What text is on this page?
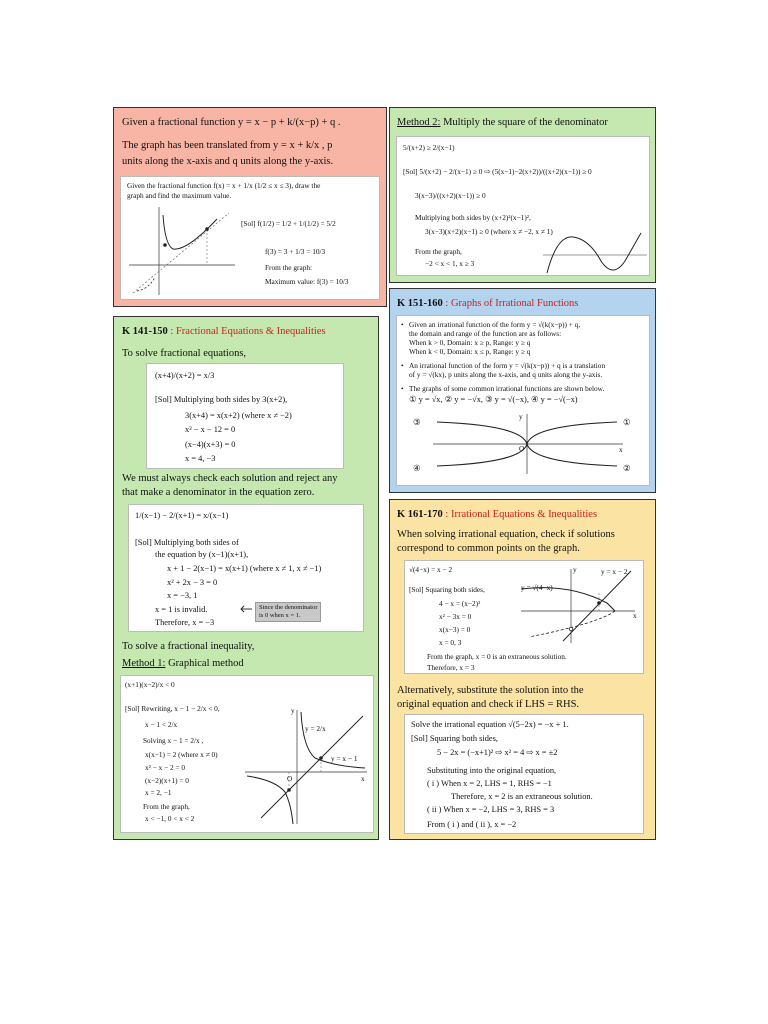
Given a fractional function y = x − p + k/(x−p) + q .
The graph has been translated from y = x + k/x , p
units along the x-axis and q units along the y-axis.
Given the fractional function f(x) = x + 1/x (1/2 ≤ x ≤ 3), draw the
graph and find the maximum value.
[Sol] f(1/2) = 1/2 + 1/(1/2) = 5/2
f(3) = 3 + 1/3 = 10/3
From the graph:
Maximum value: f(3) = 10/3
Method 2: Multiply the square of the denominator
5/(x+2) ≥ 2/(x−1)
[Sol] 5/(x+2) − 2/(x−1) ≥ 0 ⇨ (5(x−1)−2(x+2))/((x+2)(x−1)) ≥ 0
3(x−3)/((x+2)(x−1)) ≥ 0
Multiplying both sides by (x+2)²(x−1)²,
3(x−3)(x+2)(x−1) ≥ 0 (where x ≠ −2, x ≠ 1)
From the graph,
−2 < x < 1, x ≥ 3
K 151-160 : Graphs of Irrational Functions
• Given an irrational function of the form y = √(k(x−p)) + q,
the domain and range of the function are as follows:
When k > 0, Domain: x ≥ p, Range: y ≥ q
When k < 0, Domain: x ≤ p, Range: y ≥ q
• An irrational function of the form y = √(k(x−p)) + q is a translation
of y = √(kx), p units along the x-axis, and q units along the y-axis.
• The graphs of some common irrational functions are shown below.
① y = √x, ② y = −√x, ③ y = √(−x), ④ y = −√(−x)
③	①
④	②
y
x
O
K 141-150 : Fractional Equations & Inequalities
To solve fractional equations,
(x+4)/(x+2) = x/3
[Sol] Multiplying both sides by 3(x+2),
3(x+4) = x(x+2) (where x ≠ −2)
x² − x − 12 = 0
(x−4)(x+3) = 0
x = 4, −3
We must always check each solution and reject any
that make a denominator in the equation zero.
1/(x−1) − 2/(x+1) = x/(x−1)
[Sol] Multiplying both sides of
the equation by (x−1)(x+1),
x + 1 − 2(x−1) = x(x+1) (where x ≠ 1, x ≠ −1)
x² + 2x − 3 = 0
x = −3, 1
x = 1 is invalid.
Therefore, x = −3
Since the denominator
is 0 when x = 1.
To solve a fractional inequality,
Method 1: Graphical method
(x+1)(x−2)/x < 0
[Sol] Rewriting, x − 1 − 2/x < 0,
x − 1 < 2/x
Solving x − 1 = 2/x ,
x(x−1) = 2 (where x ≠ 0)
x² − x − 2 = 0
(x−2)(x+1) = 0
x = 2, −1
From the graph,
x < −1, 0 < x < 2
y
x
y = 2/x
y = x − 1
O
K 161-170 : Irrational Equations & Inequalities
When solving irrational equation, check if solutions
correspond to common points on the graph.
√(4−x) = x − 2
[Sol] Squaring both sides,
4 − x = (x−2)²
x² − 3x = 0
x(x−3) = 0
x = 0, 3
From the graph, x = 0 is an extraneous solution.
Therefore, x = 3
y = √(4−x)
y = x − 2
y
x
Alternatively, substitute the solution into the
original equation and check if LHS = RHS.
Solve the irrational equation √(5−2x) = −x + 1.
[Sol] Squaring both sides,
5 − 2x = (−x+1)² ⇨ x² = 4 ⇨ x = ±2
Substituting into the original equation,
( i ) When x = 2, LHS = 1, RHS = −1
Therefore, x = 2 is an extraneous solution.
( ii ) When x = −2, LHS = 3, RHS = 3
From ( i ) and ( ii ), x = −2
